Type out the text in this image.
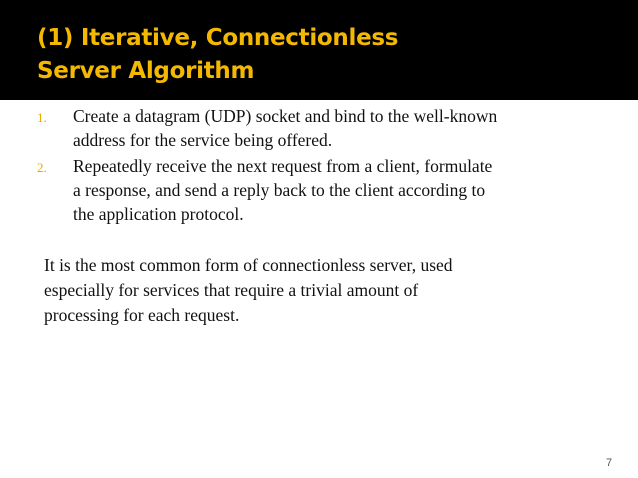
(1) Iterative, Connectionless
Server Algorithm
1. Create a datagram (UDP) socket and bind to the well-known
address for the service being offered.
2. Repeatedly receive the next request from a client, formulate
a response, and send a reply back to the client according to
the application protocol.
It is the most common form of connectionless server, used
especially for services that require a trivial amount of
processing for each request.
7
